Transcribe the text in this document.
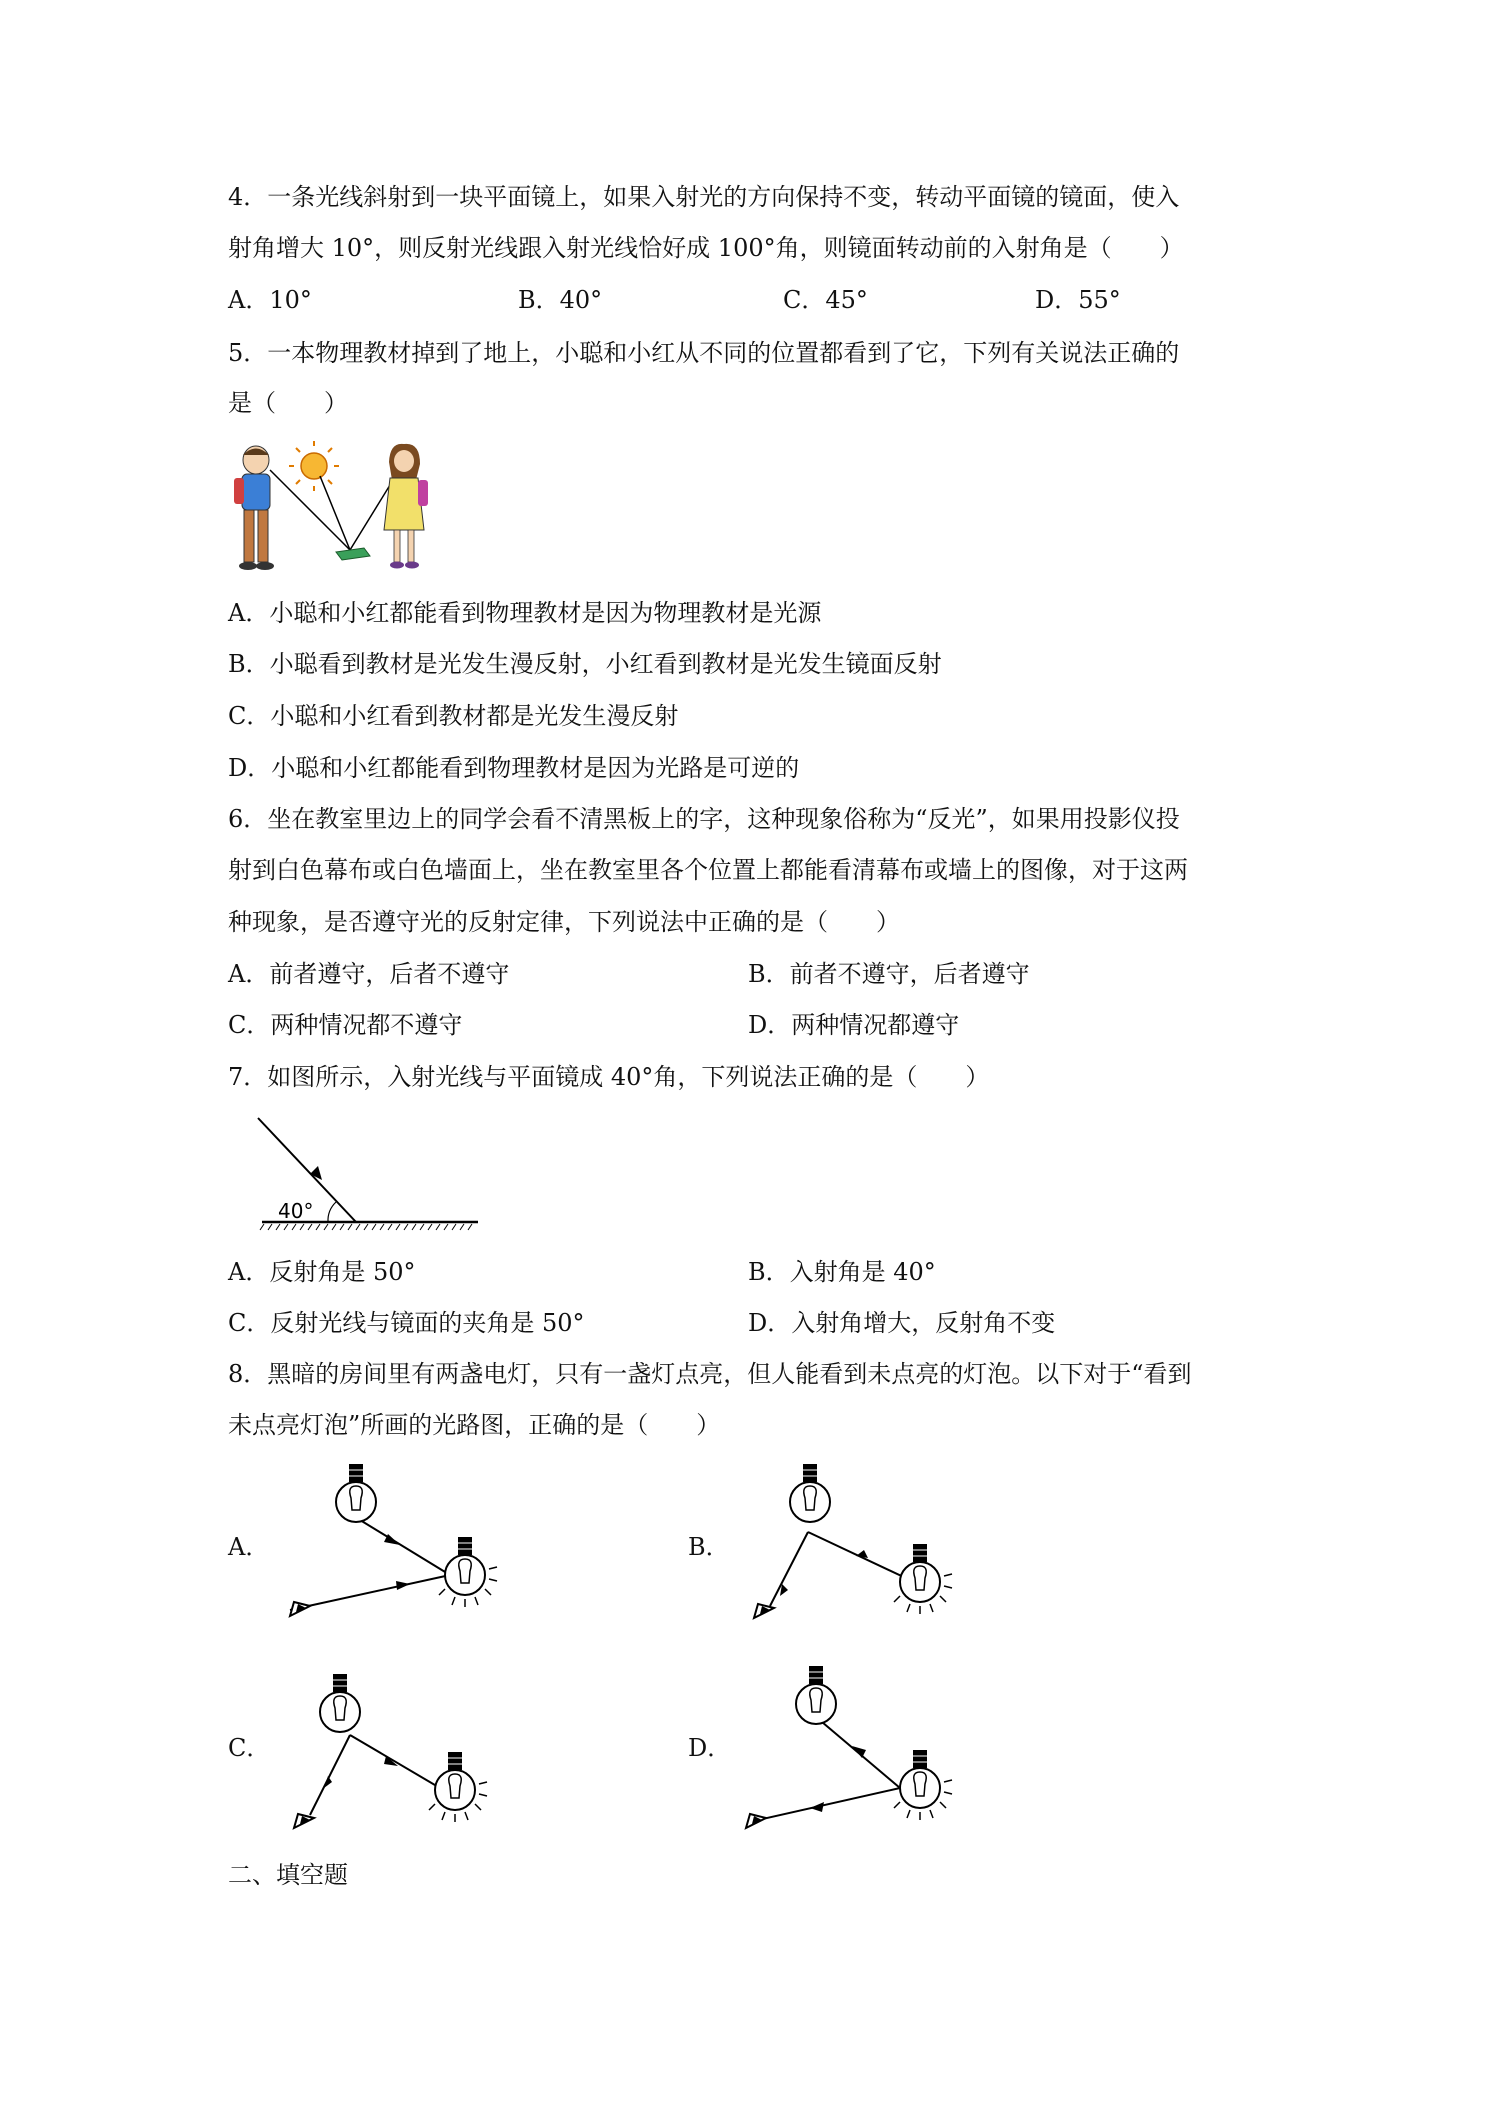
4．一条光线斜射到一块平面镜上，如果入射光的方向保持不变，转动平面镜的镜面，使入
射角增大 10°，则反射光线跟入射光线恰好成 100°角，则镜面转动前的入射角是（　　）
A．10°	B．40°	C．45°	D．55°
5．一本物理教材掉到了地上，小聪和小红从不同的位置都看到了它，下列有关说法正确的
是（　　）
A．小聪和小红都能看到物理教材是因为物理教材是光源
B．小聪看到教材是光发生漫反射，小红看到教材是光发生镜面反射
C．小聪和小红看到教材都是光发生漫反射
D．小聪和小红都能看到物理教材是因为光路是可逆的
6．坐在教室里边上的同学会看不清黑板上的字，这种现象俗称为“反光”，如果用投影仪投
射到白色幕布或白色墙面上，坐在教室里各个位置上都能看清幕布或墙上的图像，对于这两
种现象，是否遵守光的反射定律，下列说法中正确的是（　　）
A．前者遵守，后者不遵守	B．前者不遵守，后者遵守
C．两种情况都不遵守	D．两种情况都遵守
7．如图所示，入射光线与平面镜成 40°角，下列说法正确的是（　　）
40°
A．反射角是 50°	B．入射角是 40°
C．反射光线与镜面的夹角是 50°	D．入射角增大，反射角不变
8．黑暗的房间里有两盏电灯，只有一盏灯点亮，但人能看到未点亮的灯泡。以下对于“看到
未点亮灯泡”所画的光路图，正确的是（　　）
A．	B．
C．	D．
二、填空题
